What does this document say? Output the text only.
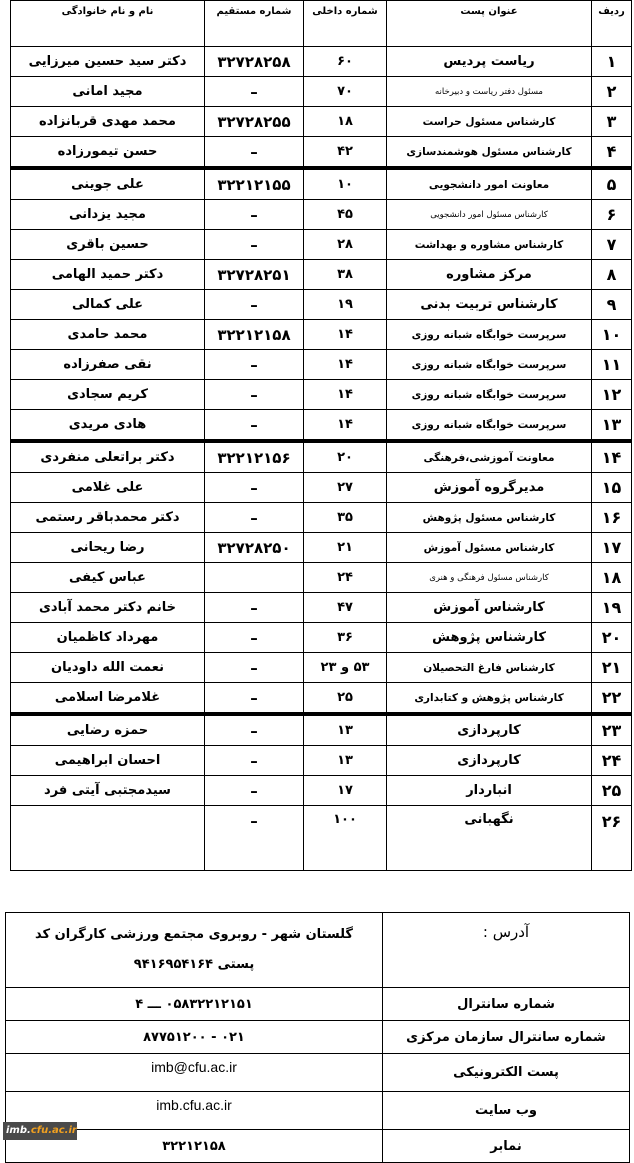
ردیف	عنوان پست	شماره داخلی	شماره مستقیم	نام و نام خانوادگی
۱	ریاست پردیس	۶۰	۳۲۷۲۸۲۵۸	دکتر سید حسین میرزایی
۲	مسئول دفتر ریاست و دبیرخانه	۷۰	–	مجید امانی
۳	کارشناس مسئول حراست	۱۸	۳۲۷۲۸۲۵۵	محمد مهدی قربانزاده
۴	کارشناس مسئول هوشمندسازی	۴۲	–	حسن تیمورزاده
۵	معاونت امور دانشجویی	۱۰	۳۲۲۱۲۱۵۵	علی جوینی
۶	کارشناس مسئول امور دانشجویی	۴۵	–	مجید یزدانی
۷	کارشناس مشاوره و بهداشت	۲۸	–	حسین باقری
۸	مرکز مشاوره	۳۸	۳۲۷۲۸۲۵۱	دکتر حمید الهامی
۹	کارشناس تربیت بدنی	۱۹	–	علی کمالی
۱۰	سرپرست خوابگاه شبانه روزی	۱۴	۳۲۲۱۲۱۵۸	محمد حامدی
۱۱	سرپرست خوابگاه شبانه روزی	۱۴	–	نقی صفرزاده
۱۲	سرپرست خوابگاه شبانه روزی	۱۴	–	کریم سجادی
۱۳	سرپرست خوابگاه شبانه روزی	۱۴	–	هادی مریدی
۱۴	معاونت آموزشی،فرهنگی	۲۰	۳۲۲۱۲۱۵۶	دکتر براتعلی منفردی
۱۵	مدیرگروه آموزش	۲۷	–	علی غلامی
۱۶	کارشناس مسئول پژوهش	۳۵	–	دکتر محمدباقر رستمی
۱۷	کارشناس مسئول آموزش	۲۱	۳۲۷۲۸۲۵۰	رضا ریحانی
۱۸	کارشناس مسئول فرهنگی و هنری	۲۴		عباس کیفی
۱۹	کارشناس آموزش	۴۷	–	خانم دکتر محمد آبادی
۲۰	کارشناس پژوهش	۳۶	–	مهرداد کاظمیان
۲۱	کارشناس فارغ التحصیلان	۵۳ و ۲۳	–	نعمت الله داودیان
۲۲	کارشناس پژوهش و کتابداری	۲۵	–	غلامرضا اسلامی
۲۳	کارپردازی	۱۳	–	حمزه رضایی
۲۴	کارپردازی	۱۳	–	احسان ابراهیمی
۲۵	انباردار	۱۷	–	سیدمجتبی آیتی فرد
۲۶	نگهبانی	۱۰۰	–	
آدرس :	گلستان شهر - روبروی مجتمع ورزشی کارگران کد
پستی ۹۴۱۶۹۵۴۱۶۴

شماره سانترال	۰۵۸۳۲۲۱۲۱۵۱ ـــ ۴
شماره سانترال سازمان مرکزی	۰۲۱ - ۸۷۷۵۱۲۰۰
پست الکترونیکی	imb@cfu.ac.ir
وب سایت	imb.cfu.ac.ir
نمابر	۳۲۲۱۲۱۵۸
imb.cfu.ac.ir
